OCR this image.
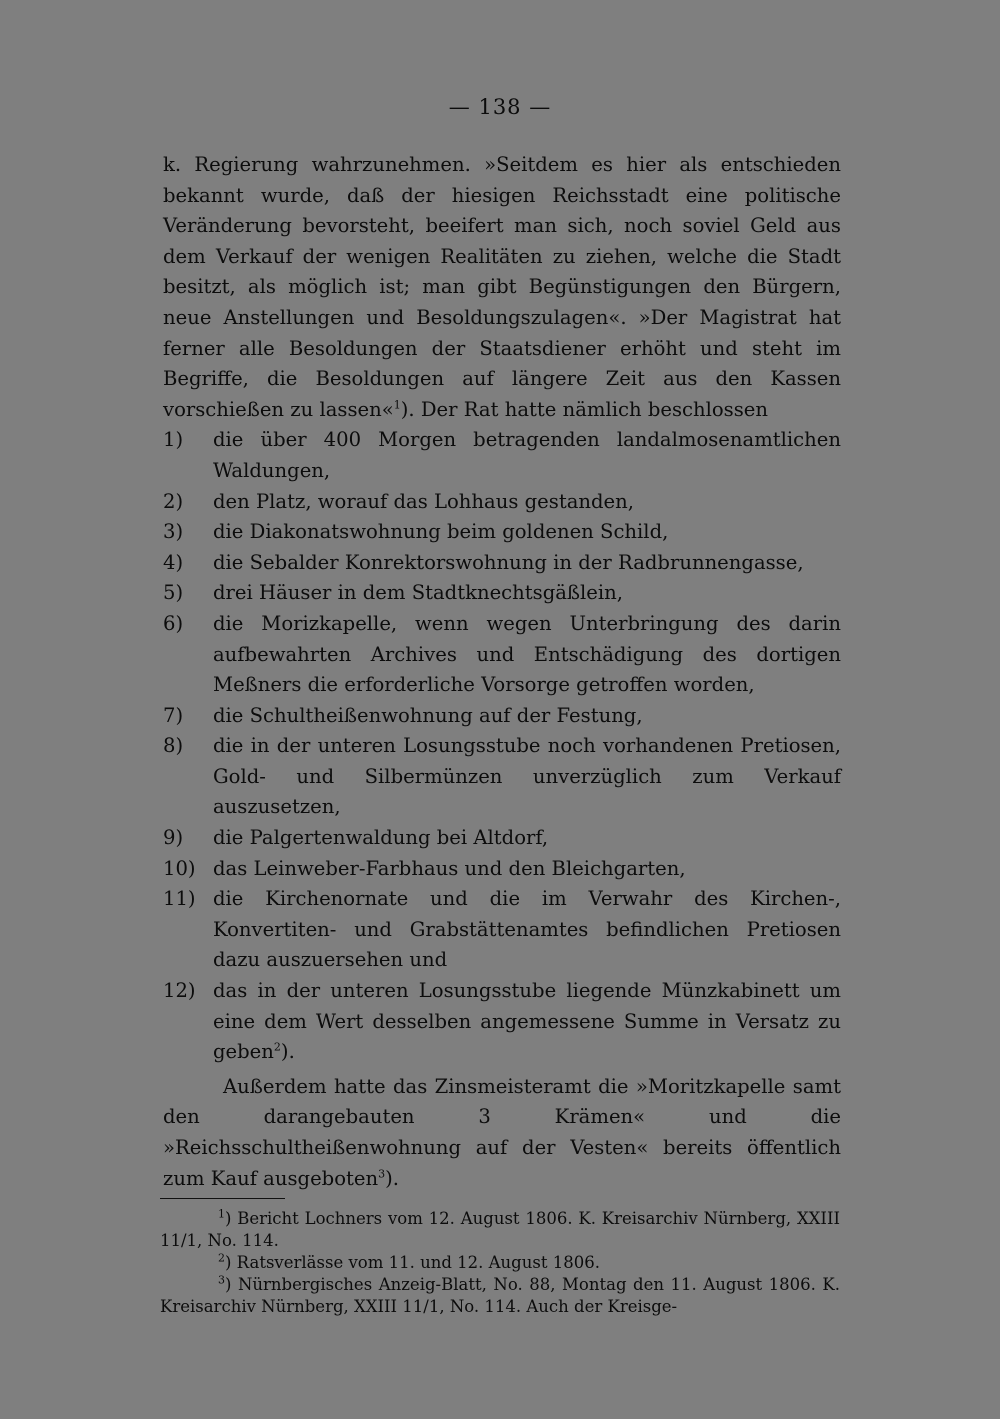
— 138 —

k. Regierung wahrzunehmen. »Seitdem es hier als entschieden bekannt wurde, daß der hiesigen Reichsstadt eine politische Veränderung bevorsteht, beeifert man sich, noch soviel Geld aus dem Verkauf der wenigen Realitäten zu ziehen, welche die Stadt besitzt, als möglich ist; man gibt Begünstigungen den Bürgern, neue Anstellungen und Besoldungszulagen«. »Der Magistrat hat ferner alle Besoldungen der Staatsdiener erhöht und steht im Begriffe, die Besoldungen auf längere Zeit aus den Kassen vorschießen zu lassen«$^1$). Der Rat hatte nämlich beschlossen

1)	die über 400 Morgen betragenden landalmosenamtlichen Waldungen,
2)	den Platz, worauf das Lohhaus gestanden,
3)	die Diakonatswohnung beim goldenen Schild,
4)	die Sebalder Konrektorswohnung in der Radbrunnengasse,
5)	drei Häuser in dem Stadtknechtsgäßlein,
6)	die Morizkapelle, wenn wegen Unterbringung des darin aufbewahrten Archives und Entschädigung des dortigen Meßners die erforderliche Vorsorge getroffen worden,
7)	die Schultheißenwohnung auf der Festung,
8)	die in der unteren Losungsstube noch vorhandenen Pretiosen, Gold- und Silbermünzen unverzüglich zum Verkauf auszusetzen,
9)	die Palgertenwaldung bei Altdorf,
10) das Leinweber-Farbhaus und den Bleichgarten,
11) die Kirchenornate und die im Verwahr des Kirchen-, Konvertiten- und Grabstättenamtes befindlichen Pretiosen dazu auszuersehen und
12) das in der unteren Losungsstube liegende Münzkabinett um eine dem Wert desselben angemessene Summe in Versatz zu geben$^2$).

Außerdem hatte das Zinsmeisteramt die »Moritzkapelle samt den darangebauten 3 Krämen« und die »Reichsschultheißenwohnung auf der Vesten« bereits öffentlich zum Kauf ausgeboten$^3$).

$^1$) Bericht Lochners vom 12. August 1806. K. Kreisarchiv Nürnberg, XXIII 11/1, No. 114.

$^2$) Ratsverlässe vom 11. und 12. August 1806.

$^3$) Nürnbergisches Anzeig-Blatt, No. 88, Montag den 11. August 1806. K. Kreisarchiv Nürnberg, XXIII 11/1, No. 114. Auch der Kreisge-
